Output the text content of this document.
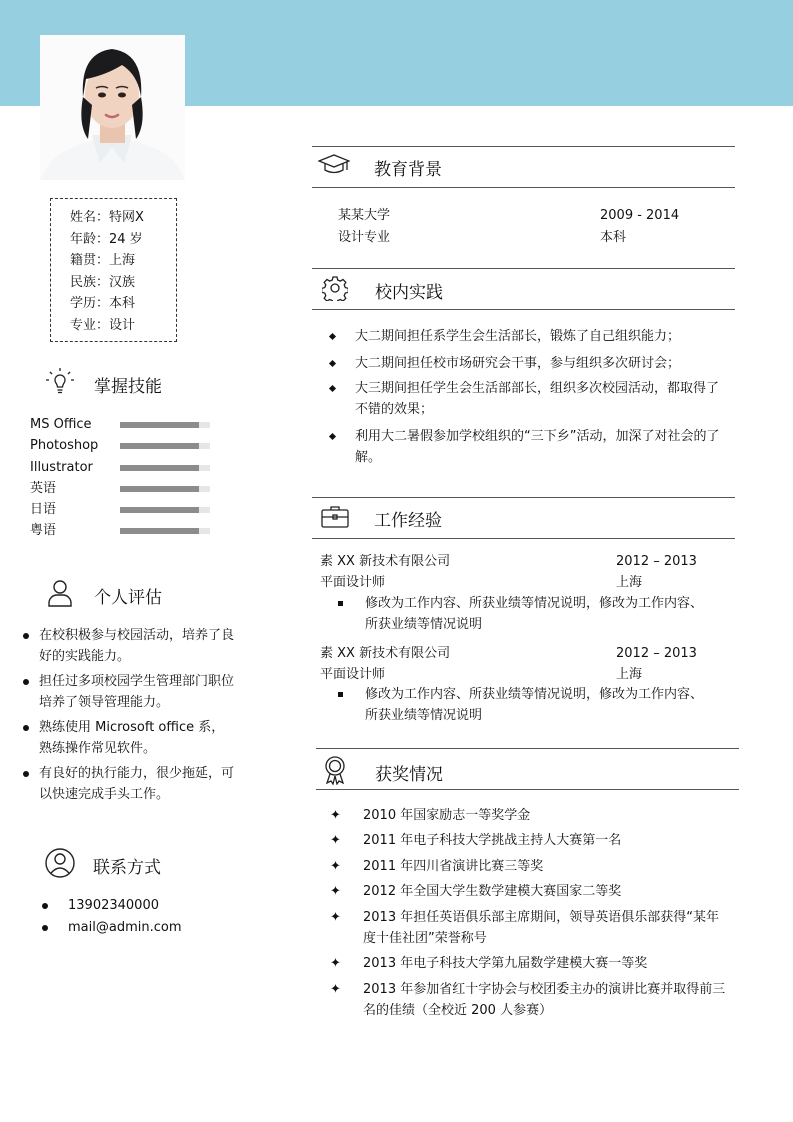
姓名：特网X
年龄：24 岁
籍贯：上海
民族：汉族
学历：本科
专业：设计
掌握技能
MS Office
Photoshop
Illustrator
英语
日语
粤语
个人评估
在校积极参与校园活动，培养了良好的实践能力。
担任过多项校园学生管理部门职位培养了领导管理能力。
熟练使用 Microsoft office 系，熟练操作常见软件。
有良好的执行能力，很少拖延，可以快速完成手头工作。
联系方式
13902340000
mail@admin.com
教育背景
某某大学	2009 - 2014
设计专业	本科
校内实践
大二期间担任系学生会生活部长，锻炼了自己组织能力；
大二期间担任校市场研究会干事，参与组织多次研讨会；
大三期间担任学生会生活部部长，组织多次校园活动，都取得了不错的效果；
利用大二暑假参加学校组织的“三下乡”活动，加深了对社会的了解。
工作经验
素 XX 新技术有限公司	2012 – 2013
平面设计师	上海
修改为工作内容、所获业绩等情况说明，修改为工作内容、所获业绩等情况说明
素 XX 新技术有限公司	2012 – 2013
平面设计师	上海
修改为工作内容、所获业绩等情况说明，修改为工作内容、所获业绩等情况说明
获奖情况
✦ 2010 年国家励志一等奖学金
✦ 2011 年电子科技大学挑战主持人大赛第一名
✦ 2011 年四川省演讲比赛三等奖
✦ 2012 年全国大学生数学建模大赛国家二等奖
✦ 2013 年担任英语俱乐部主席期间，领导英语俱乐部获得“某年度十佳社团”荣誉称号
✦ 2013 年电子科技大学第九届数学建模大赛一等奖
✦ 2013 年参加省红十字协会与校团委主办的演讲比赛并取得前三名的佳绩（全校近 200 人参赛）
